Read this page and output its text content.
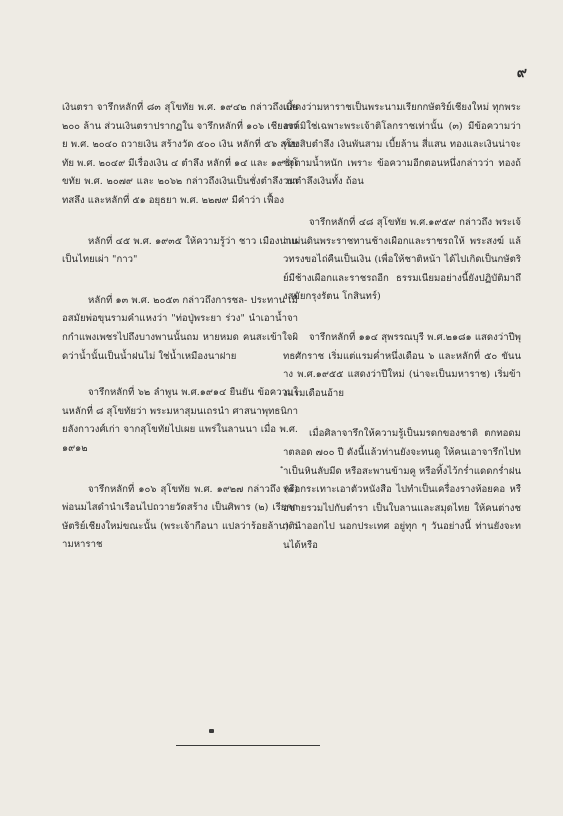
๙

เงินตรา จารึกหลักที่ ๘๓ สุโขทัย พ.ศ. ๑๙๔๒ กล่าวถึงเบี้ย ๒๐๐ ล้าน ส่วนเงินตราปรากฏใน จารึกหลักที่ ๑๐๖ เชียงราย พ.ศ. ๒๐๔๐ ถวายเงิน สร้างวัด ๕๐๐ เงิน หลักที่ ๕๖ สุโขทัย พ.ศ. ๒๐๔๙ มีเรื่องเงิน ๔ ตำลึง หลักที่ ๑๔ และ ๑๙ สุโขทัย พ.ศ. ๒๐๗๙ และ ๒๐๖๒ กล่าวถึงเงินเป็นชั่งตำลึง บาทสลึง และหลักที่ ๕๑ อยุธยา พ.ศ. ๒๒๗๙ มีคำว่า เฟื้อง

หลักที่ ๔๕ พ.ศ. ๑๙๓๕ ให้ความรู้ว่า ชาว เมืองน่านเป็นไทยเผ่า "กาว"

หลักที่ ๑๓ พ.ศ. ๒๐๕๓ กล่าวถึงการชล- ประทาน เมื่อสมัยพ่อขุนรามคำแหงว่า "ท่อปู่พระยา ร่วง" นำเอาน้ำจากกำแพงเพชรไปถึงบางพานนั้นถม หายหมด คนสะเข้าใจผิดว่าน้ำนั้นเป็นน้ำฝนไม่ ใช่น้ำเหมืองนาฝาย

จารึกหลักที่ ๖๒ ลำพูน พ.ศ.๑๙๑๔ ยืนยัน ข้อความในหลักที่ ๘ สุโขทัยว่า พระมหาสุมนเถรนำ ศาสนาพุทธนิกายลังกาวงศ์เก่า จากสุโขทัยไปเผย แพร่ในลานนา เมื่อ พ.ศ. ๑๙๑๒

จารึกหลักที่ ๑๐๖ สุโขทัย พ.ศ. ๑๙๒๗ กล่าวถึง (๑) พ่อนมไสดำนำเรือนไปถวายวัดสร้าง เป็นศิพาร (๒) เรียกกษัตริย์เชียงใหม่ขณะนั้น (พระเจ้ากือนา แปลว่าร้อยล้าน) ว่ามหาราช

แสดงว่ามหาราชเป็นพระนามเรียกกษัตริย์เชียงใหม่ ทุกพระองค์มิใช่เฉพาะพระเจ้าติโลกราชเท่านั้น (๓) มีข้อความว่าทองสิบตำลึง เงินพันสาม เบี้ยล้าน สี่แสน ทองและเงินน่าจะชั่งตามน้ำหนัก เพราะ ข้อความอีกตอนหนึ่งกล่าวว่า ทองถ้วนตำลึงเงินทั้ง ถ้อน

จารึกหลักที่ ๔๘ สุโขทัย พ.ศ.๑๙๕๙ กล่าวถึง พระเจ้าแผ่นดินพระราชทานช้างเผือกและราชรถให้ พระสงฆ์ แล้วทรงขอไถ่คืนเป็นเงิน (เพื่อให้ชาติหน้า ได้ไปเกิดเป็นกษัตริย์มีช้างเผือกและราชรถอีก ธรรมเนียมอย่างนี้ยังปฏิบัติมาถึงสมัยกรุงรัตน โกสินทร์)

จารึกหลักที่ ๑๑๔ สุพรรณบุรี พ.ศ.๒๑๘๑ แสดงว่าปีพุทธศักราช เริ่มแต่แรมค่ำหนึ่งเดือน ๖ และหลักที่ ๕๐ ขันนาง พ.ศ.๑๙๕๕ แสดงว่าปีใหม่ (น่าจะเป็นมหาราช) เริ่มข้างแรมเดือนอ้าย

เมื่อศิลาจารึกให้ความรู้เป็นมรดกของชาติ ตกทอดมาตลอด ๗๐๐ ปี ดังนี้แล้วท่านยังจะทนดู ให้คนเอาจารึกไปทำเป็นหินลับมีด หรือสะพานข้ามคู หรือทิ้งไว้กร่ำแดดกร่ำฝน หรือกระเทาะเอาตัวหนังสือ ไปทำเป็นเครื่องรางห้อยคอ หรือขายรวมไปกับตำรา เป็นใบลานและสมุดไทย ให้คนต่างชาตินำออกไป นอกประเทศ อยู่ทุก ๆ วันอย่างนี้ ท่านยังจะทนได้หรือ
